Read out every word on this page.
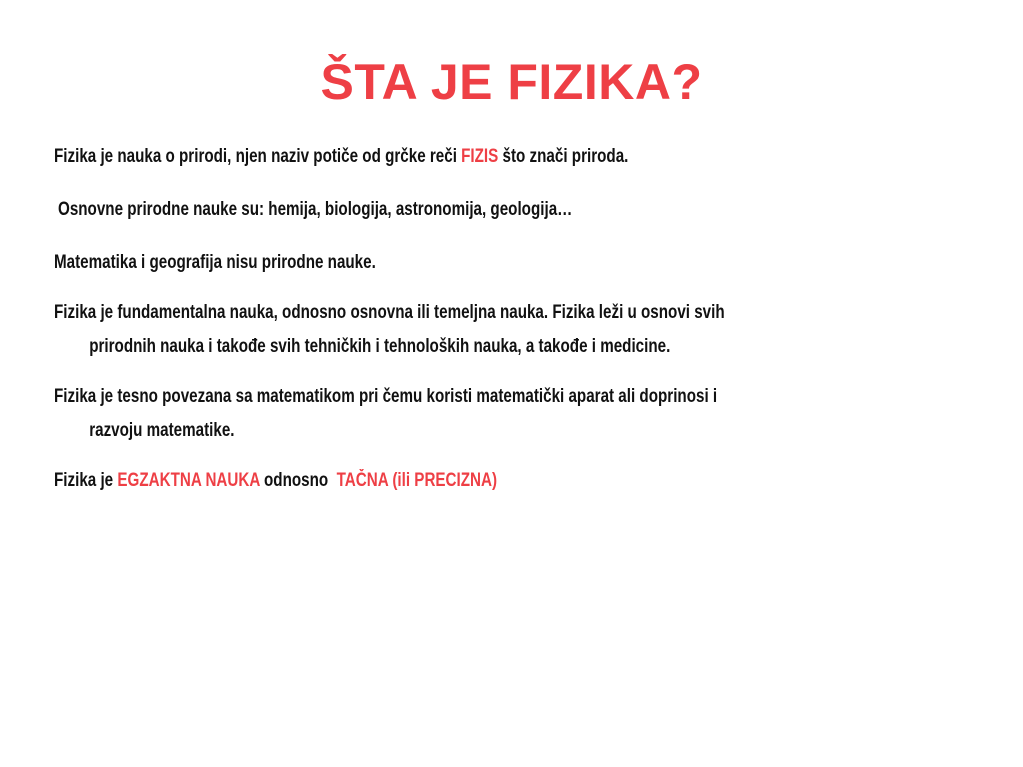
ŠTA JE FIZIKA?
Fizika je nauka o prirodi, njen naziv potiče od grčke reči FIZIS što znači priroda.
Osnovne prirodne nauke su: hemija, biologija, astronomija, geologija…
Matematika i geografija nisu prirodne nauke.
Fizika je fundamentalna nauka, odnosno osnovna ili temeljna nauka. Fizika leži u osnovi svih
prirodnih nauka i takođe svih tehničkih i tehnoloških nauka, a takođe i medicine.
Fizika je tesno povezana sa matematikom pri čemu koristi matematički aparat ali doprinosi i
razvoju matematike.
Fizika je EGZAKTNA NAUKA odnosno  TAČNA (ili PRECIZNA)
